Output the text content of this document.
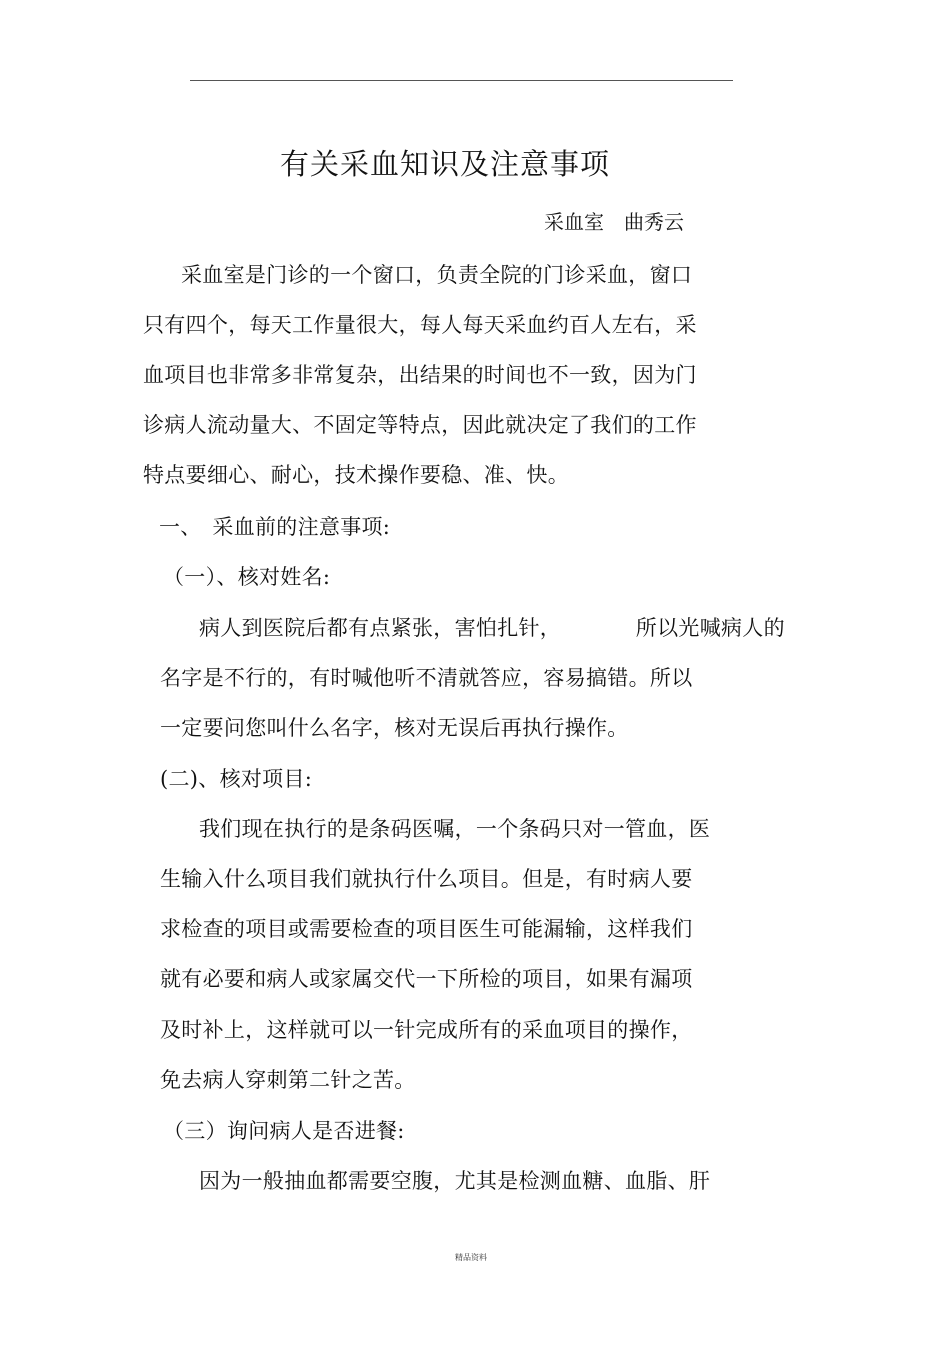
有关采血知识及注意事项
采血室　曲秀云
采血室是门诊的一个窗口，负责全院的门诊采血，窗口
只有四个，每天工作量很大，每人每天采血约百人左右，采
血项目也非常多非常复杂，出结果的时间也不一致，因为门
诊病人流动量大、不固定等特点，因此就决定了我们的工作
特点要细心、耐心，技术操作要稳、准、快。
一、　采血前的注意事项:
（一）、核对姓名:
病人到医院后都有点紧张，害怕扎针，　　　　所以光喊病人的
名字是不行的，有时喊他听不清就答应，容易搞错。所以
一定要问您叫什么名字，核对无误后再执行操作。
(二)、核对项目:
我们现在执行的是条码医嘱，一个条码只对一管血，医
生输入什么项目我们就执行什么项目。但是，有时病人要
求检查的项目或需要检查的项目医生可能漏输，这样我们
就有必要和病人或家属交代一下所检的项目，如果有漏项
及时补上，这样就可以一针完成所有的采血项目的操作，
免去病人穿刺第二针之苦。
（三）询问病人是否进餐:
因为一般抽血都需要空腹，尤其是检测血糖、血脂、肝
精品资料
